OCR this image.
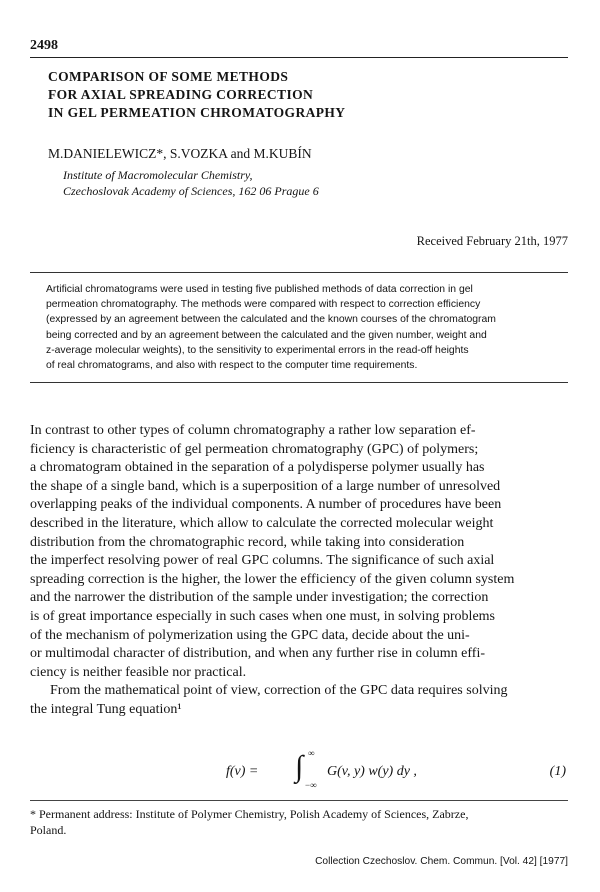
2498
COMPARISON OF SOME METHODS
FOR AXIAL SPREADING CORRECTION
IN GEL PERMEATION CHROMATOGRAPHY
M.DANIELEWICZ*, S.VOZKA and M.KUBÍN
Institute of Macromolecular Chemistry,
Czechoslovak Academy of Sciences, 162 06 Prague 6
Received February 21th, 1977
Artificial chromatograms were used in testing five published methods of data correction in gel
permeation chromatography. The methods were compared with respect to correction efficiency
(expressed by an agreement between the calculated and the known courses of the chromatogram
being corrected and by an agreement between the calculated and the given number, weight and
z-average molecular weights), to the sensitivity to experimental errors in the read-off heights
of real chromatograms, and also with respect to the computer time requirements.
In contrast to other types of column chromatography a rather low separation ef-
ficiency is characteristic of gel permeation chromatography (GPC) of polymers;
a chromatogram obtained in the separation of a polydisperse polymer usually has
the shape of a single band, which is a superposition of a large number of unresolved
overlapping peaks of the individual components. A number of procedures have been
described in the literature, which allow to calculate the corrected molecular weight
distribution from the chromatographic record, while taking into consideration
the imperfect resolving power of real GPC columns. The significance of such axial
spreading correction is the higher, the lower the efficiency of the given column system
and the narrower the distribution of the sample under investigation; the correction
is of great importance especially in such cases when one must, in solving problems
of the mechanism of polymerization using the GPC data, decide about the uni-
or multimodal character of distribution, and when any further rise in column effi-
ciency is neither feasible nor practical.
From the mathematical point of view, correction of the GPC data requires solving
the integral Tung equation¹
f(v) = ∫ ∞
−∞
G(v, y) w(y) dy ,	(1)
* Permanent address: Institute of Polymer Chemistry, Polish Academy of Sciences, Zabrze,
Poland.
Collection Czechoslov. Chem. Commun. [Vol. 42] [1977]
